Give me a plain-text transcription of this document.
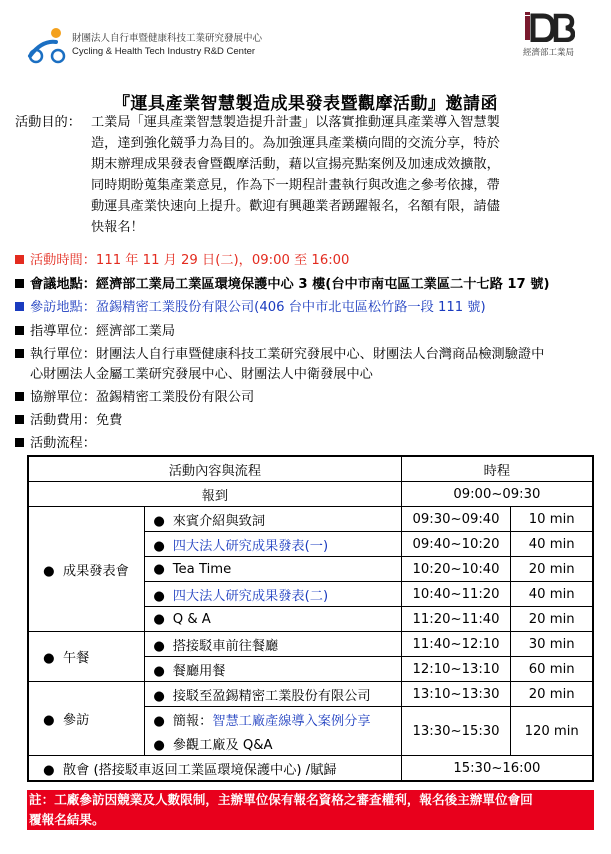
財團法人自行車暨健康科技工業研究發展中心
Cycling & Health Tech Industry R&D Center	經濟部工業局
『運具產業智慧製造成果發表暨觀摩活動』邀請函
活動目的： 工業局「運具產業智慧製造提升計畫」以落實推動運具產業導入智慧製
造，達到強化競爭力為目的。為加強運具產業橫向間的交流分享，特於
期末辦理成果發表會暨觀摩活動，藉以宣揚亮點案例及加速成效擴散，
同時期盼蒐集產業意見，作為下一期程計畫執行與改進之參考依據，帶
動運具產業快速向上提升。歡迎有興趣業者踴躍報名，名額有限，請儘
快報名！
活動時間：111 年 11 月 29 日(二)，09:00 至 16:00
會議地點：經濟部工業局工業區環境保護中心 3 樓(台中市南屯區工業區二十七路 17 號)
參訪地點：盈錫精密工業股份有限公司(406 台中市北屯區松竹路一段 111 號)
指導單位：經濟部工業局
執行單位：財團法人自行車暨健康科技工業研究發展中心、財團法人台灣商品檢測驗證中
心財團法人金屬工業研究發展中心、財團法人中衛發展中心
協辦單位：盈錫精密工業股份有限公司
活動費用：免費
活動流程：
活動內容與流程		時程	
報到		09:00~09:30	
●  成果發表會	● 來賓介紹與致詞	09:30~09:40	10 min
	● 四大法人研究成果發表(一)	09:40~10:20	40 min
	● Tea Time	10:20~10:40	20 min
	● 四大法人研究成果發表(二)	10:40~11:20	40 min
	● Q & A	11:20~11:40	20 min
●  午餐	● 搭接駁車前往餐廳	11:40~12:10	30 min
	● 餐廳用餐	12:10~13:10	60 min
●  參訪	● 接駁至盈錫精密工業股份有限公司	13:10~13:30	20 min
	● 簡報：智慧工廠產線導入案例分享	13:30~15:30	120 min
	● 參觀工廠及 Q&A		
●  散會 (搭接駁車返回工業區環境保護中心) /賦歸		15:30~16:00	
註：工廠參訪因競業及人數限制，主辦單位保有報名資格之審查權利，報名後主辦單位會回
覆報名結果。
